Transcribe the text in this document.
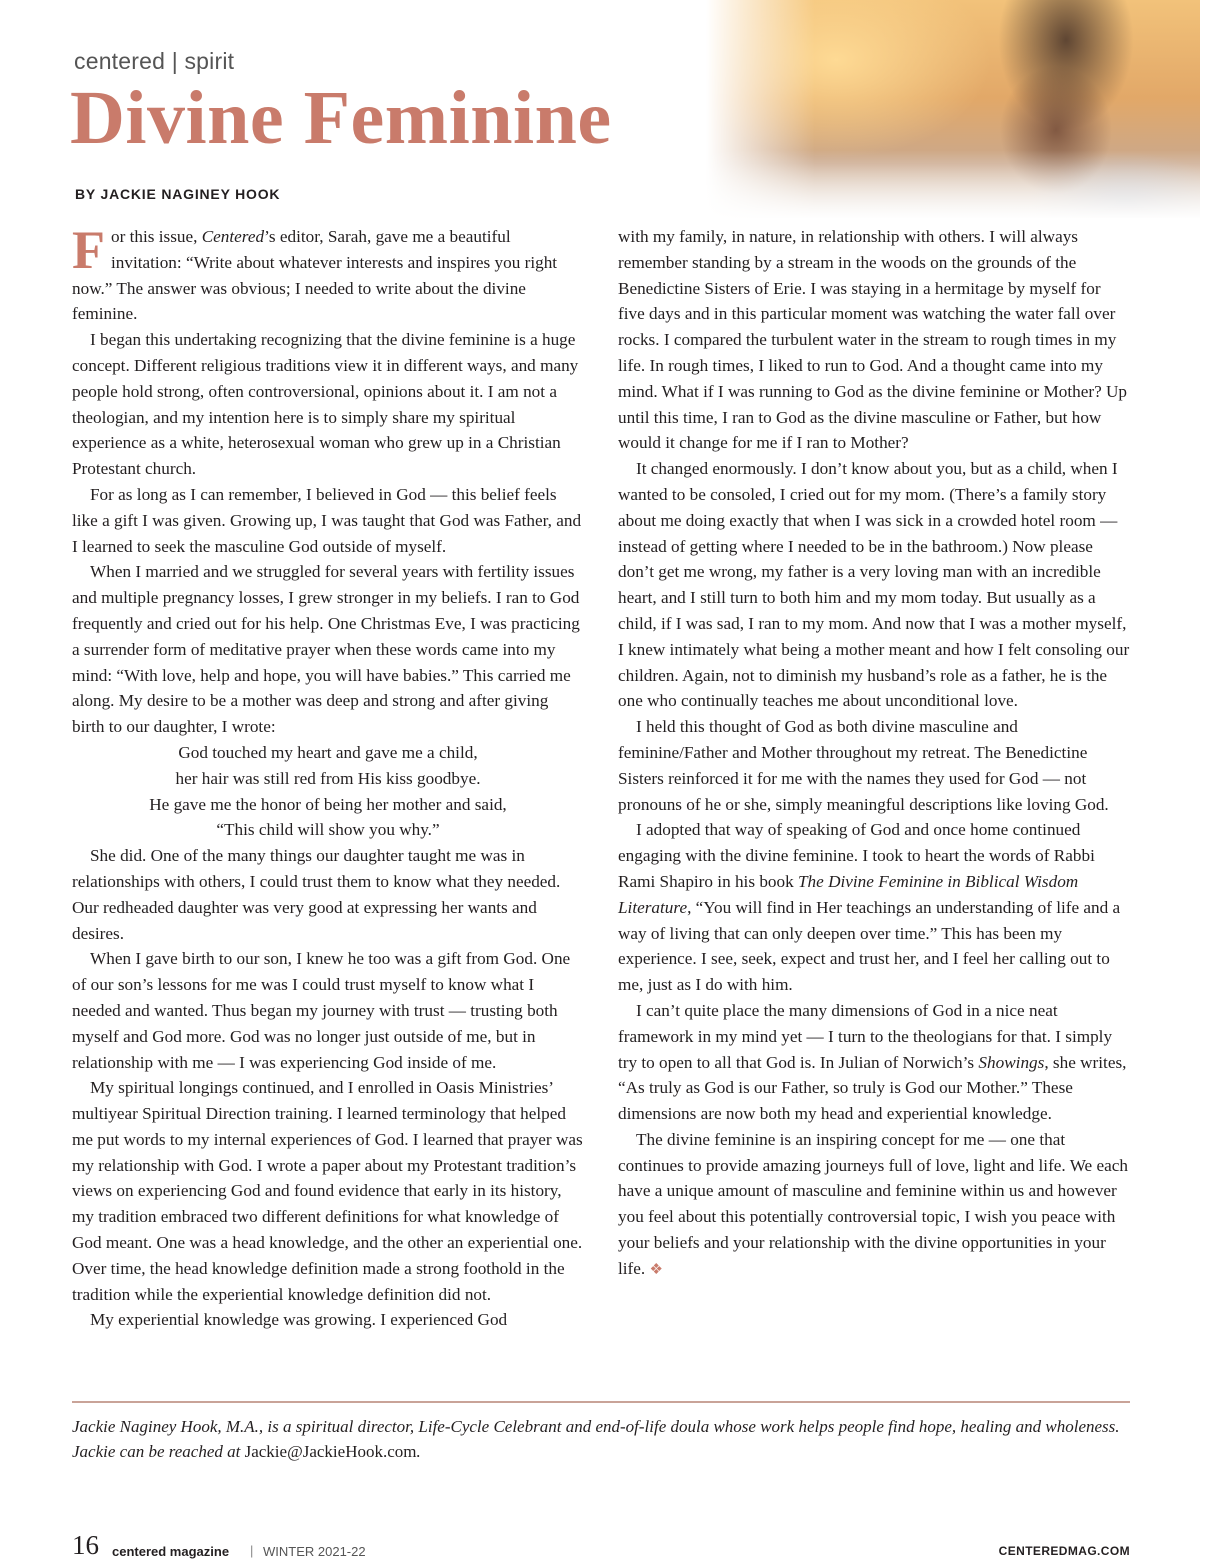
WAVEBREAKMEDIA/GETTYIMAGES/ISTOCK/GETTYIMAGES
centered | spirit
Divine Feminine
BY JACKIE NAGINEY HOOK

For this issue, Centered’s editor, Sarah, gave me a beautiful invitation: “Write about whatever interests and inspires you right now.” The answer was obvious; I needed to write about the divine feminine.

I began this undertaking recognizing that the divine feminine is a huge concept. Different religious traditions view it in different ways, and many people hold strong, often controversional, opinions about it. I am not a theologian, and my intention here is to simply share my spiritual experience as a white, heterosexual woman who grew up in a Christian Protestant church.

For as long as I can remember, I believed in God — this belief feels like a gift I was given. Growing up, I was taught that God was Father, and I learned to seek the masculine God outside of myself.

When I married and we struggled for several years with fertility issues and multiple pregnancy losses, I grew stronger in my beliefs. I ran to God frequently and cried out for his help. One Christmas Eve, I was practicing a surrender form of meditative prayer when these words came into my mind: “With love, help and hope, you will have babies.” This carried me along. My desire to be a mother was deep and strong and after giving birth to our daughter, I wrote:

God touched my heart and gave me a child,
her hair was still red from His kiss goodbye.
He gave me the honor of being her mother and said,
“This child will show you why.”

She did. One of the many things our daughter taught me was in relationships with others, I could trust them to know what they needed. Our redheaded daughter was very good at expressing her wants and desires.

When I gave birth to our son, I knew he too was a gift from God. One of our son’s lessons for me was I could trust myself to know what I needed and wanted. Thus began my journey with trust — trusting both myself and God more. God was no longer just outside of me, but in relationship with me — I was experiencing God inside of me.

My spiritual longings continued, and I enrolled in Oasis Ministries’ multiyear Spiritual Direction training. I learned terminology that helped me put words to my internal experiences of God. I learned that prayer was my relationship with God. I wrote a paper about my Protestant tradition’s views on experiencing God and found evidence that early in its history, my tradition embraced two different definitions for what knowledge of God meant. One was a head knowledge, and the other an experiential one. Over time, the head knowledge definition made a strong foothold in the tradition while the experiential knowledge definition did not.

My experiential knowledge was growing. I experienced God

with my family, in nature, in relationship with others. I will always remember standing by a stream in the woods on the grounds of the Benedictine Sisters of Erie. I was staying in a hermitage by myself for five days and in this particular moment was watching the water fall over rocks. I compared the turbulent water in the stream to rough times in my life. In rough times, I liked to run to God. And a thought came into my mind. What if I was running to God as the divine feminine or Mother? Up until this time, I ran to God as the divine masculine or Father, but how would it change for me if I ran to Mother?

It changed enormously. I don’t know about you, but as a child, when I wanted to be consoled, I cried out for my mom. (There’s a family story about me doing exactly that when I was sick in a crowded hotel room — instead of getting where I needed to be in the bathroom.) Now please don’t get me wrong, my father is a very loving man with an incredible heart, and I still turn to both him and my mom today. But usually as a child, if I was sad, I ran to my mom. And now that I was a mother myself, I knew intimately what being a mother meant and how I felt consoling our children. Again, not to diminish my husband’s role as a father, he is the one who continually teaches me about unconditional love.

I held this thought of God as both divine masculine and feminine/Father and Mother throughout my retreat. The Benedictine Sisters reinforced it for me with the names they used for God — not pronouns of he or she, simply meaningful descriptions like loving God.

I adopted that way of speaking of God and once home continued engaging with the divine feminine. I took to heart the words of Rabbi Rami Shapiro in his book The Divine Feminine in Biblical Wisdom Literature, “You will find in Her teachings an understanding of life and a way of living that can only deepen over time.” This has been my experience. I see, seek, expect and trust her, and I feel her calling out to me, just as I do with him.

I can’t quite place the many dimensions of God in a nice neat framework in my mind yet — I turn to the theologians for that. I simply try to open to all that God is. In Julian of Norwich’s Showings, she writes, “As truly as God is our Father, so truly is God our Mother.” These dimensions are now both my head and experiential knowledge.

The divine feminine is an inspiring concept for me — one that continues to provide amazing journeys full of love, light and life. We each have a unique amount of masculine and feminine within us and however you feel about this potentially controversial topic, I wish you peace with your beliefs and your relationship with the divine opportunities in your life. ❖

Jackie Naginey Hook, M.A., is a spiritual director, Life-Cycle Celebrant and end-of-life doula whose work helps people find hope, healing and wholeness. Jackie can be reached at Jackie@JackieHook.com.
16 centered magazine | WINTER 2021-22	CENTEREDMAG.COM
